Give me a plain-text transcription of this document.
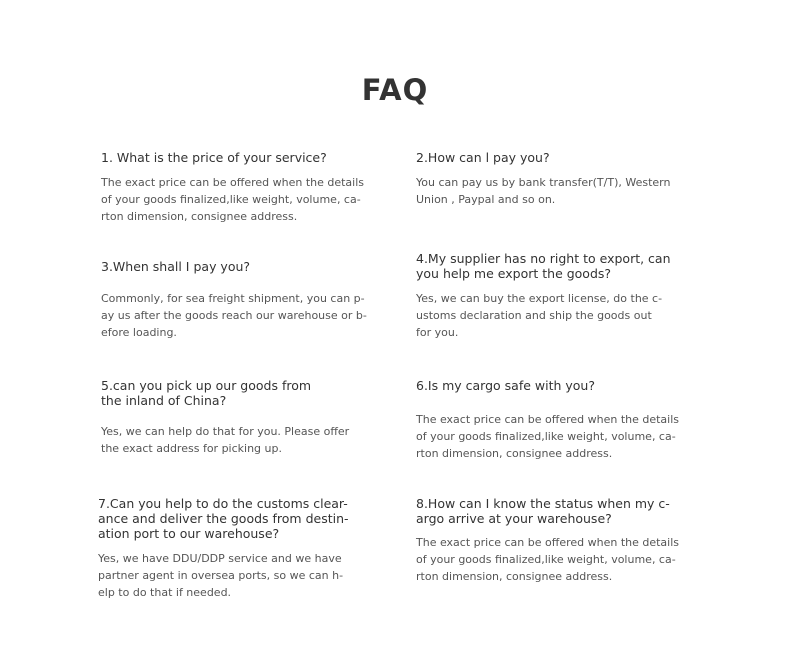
FAQ

1. What is the price of your service?

The exact price can be offered when the details
of your goods finalized,like weight, volume, ca-
rton dimension, consignee address.

2.How can l pay you?

You can pay us by bank transfer(T/T), Western
Union , Paypal and so on.

3.When shall I pay you?

Commonly, for sea freight shipment, you can p-
ay us after the goods reach our warehouse or b-
efore loading.

4.My supplier has no right to export, can
you help me export the goods?

Yes, we can buy the export license, do the c-
ustoms declaration and ship the goods out
for you.

5.can you pick up our goods from
the inland of China?

Yes, we can help do that for you. Please offer
the exact address for picking up.

6.Is my cargo safe with you?

The exact price can be offered when the details
of your goods finalized,like weight, volume, ca-
rton dimension, consignee address.

7.Can you help to do the customs clear-
ance and deliver the goods from destin-
ation port to our warehouse?

Yes, we have DDU/DDP service and we have
partner agent in oversea ports, so we can h-
elp to do that if needed.

8.How can I know the status when my c-
argo arrive at your warehouse?

The exact price can be offered when the details
of your goods finalized,like weight, volume, ca-
rton dimension, consignee address.
